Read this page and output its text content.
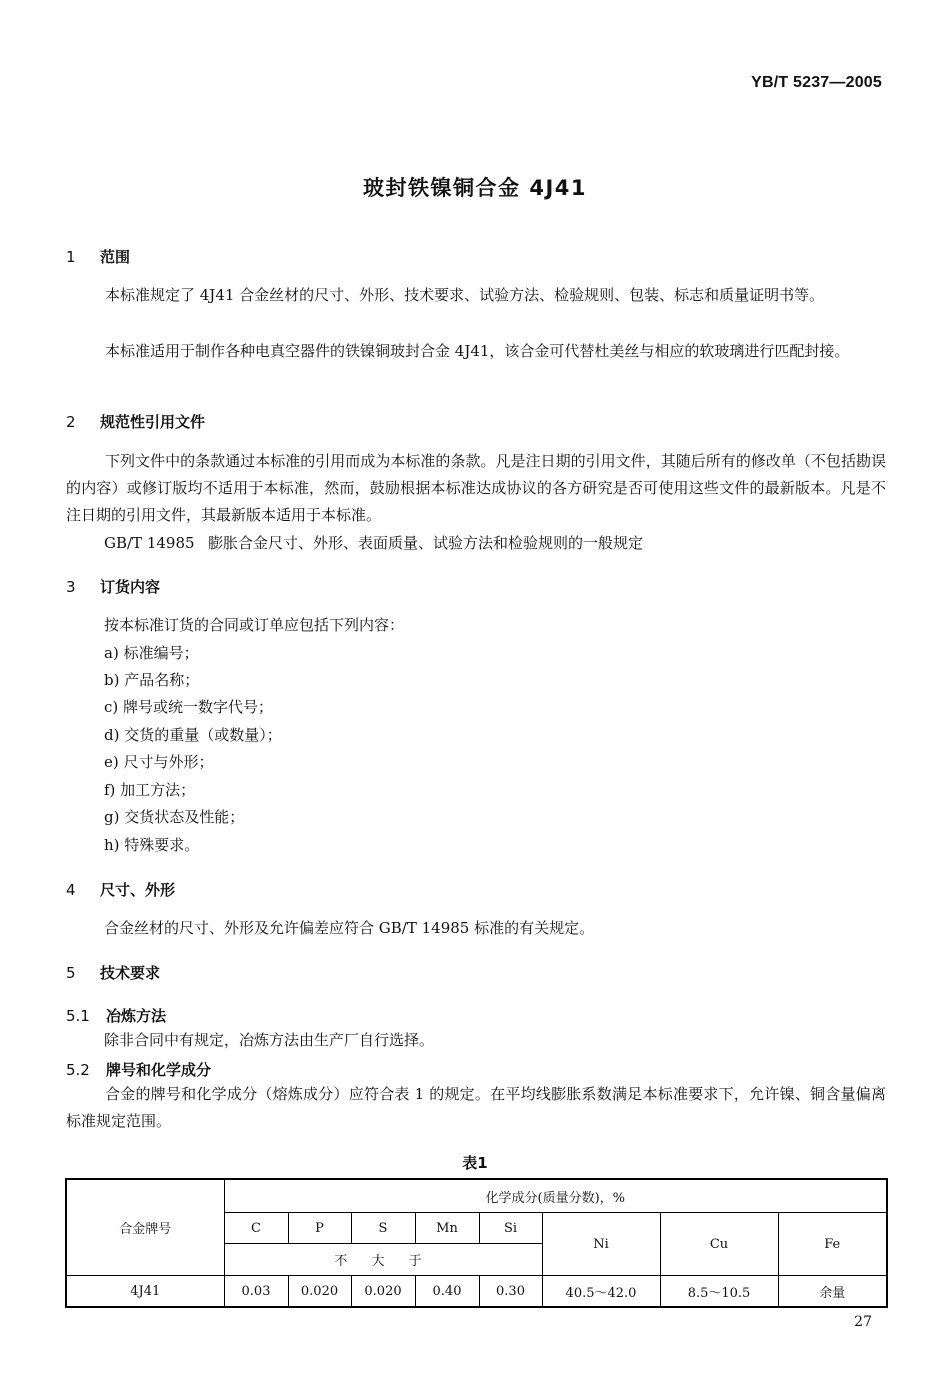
YB/T 5237—2005
玻封铁镍铜合金 4J41
1 范围
本标准规定了 4J41 合金丝材的尺寸、外形、技术要求、试验方法、检验规则、包装、标志和质量证明书等。
本标准适用于制作各种电真空器件的铁镍铜玻封合金 4J41，该合金可代替杜美丝与相应的软玻璃进行匹配封接。
2 规范性引用文件
下列文件中的条款通过本标准的引用而成为本标准的条款。凡是注日期的引用文件，其随后所有的修改单（不包括勘误的内容）或修订版均不适用于本标准，然而，鼓励根据本标准达成协议的各方研究是否可使用这些文件的最新版本。凡是不注日期的引用文件，其最新版本适用于本标准。
GB/T 14985 膨胀合金尺寸、外形、表面质量、试验方法和检验规则的一般规定
3 订货内容
按本标准订货的合同或订单应包括下列内容：
a) 标准编号；
b) 产品名称；
c) 牌号或统一数字代号；
d) 交货的重量（或数量）；
e) 尺寸与外形；
f) 加工方法；
g) 交货状态及性能；
h) 特殊要求。
4 尺寸、外形
合金丝材的尺寸、外形及允许偏差应符合 GB/T 14985 标准的有关规定。
5 技术要求
5.1 冶炼方法
除非合同中有规定，冶炼方法由生产厂自行选择。
5.2 牌号和化学成分
合金的牌号和化学成分（熔炼成分）应符合表 1 的规定。在平均线膨胀系数满足本标准要求下，允许镍、铜含量偏离标准规定范围。
表1
合金牌号	化学成分(质量分数)，%							
	C	P	S	Mn	Si	Ni	Cu	Fe
	不 大 于							
4J41	0.03	0.020	0.020	0.40	0.30	40.5～42.0	8.5～10.5	余量
27
